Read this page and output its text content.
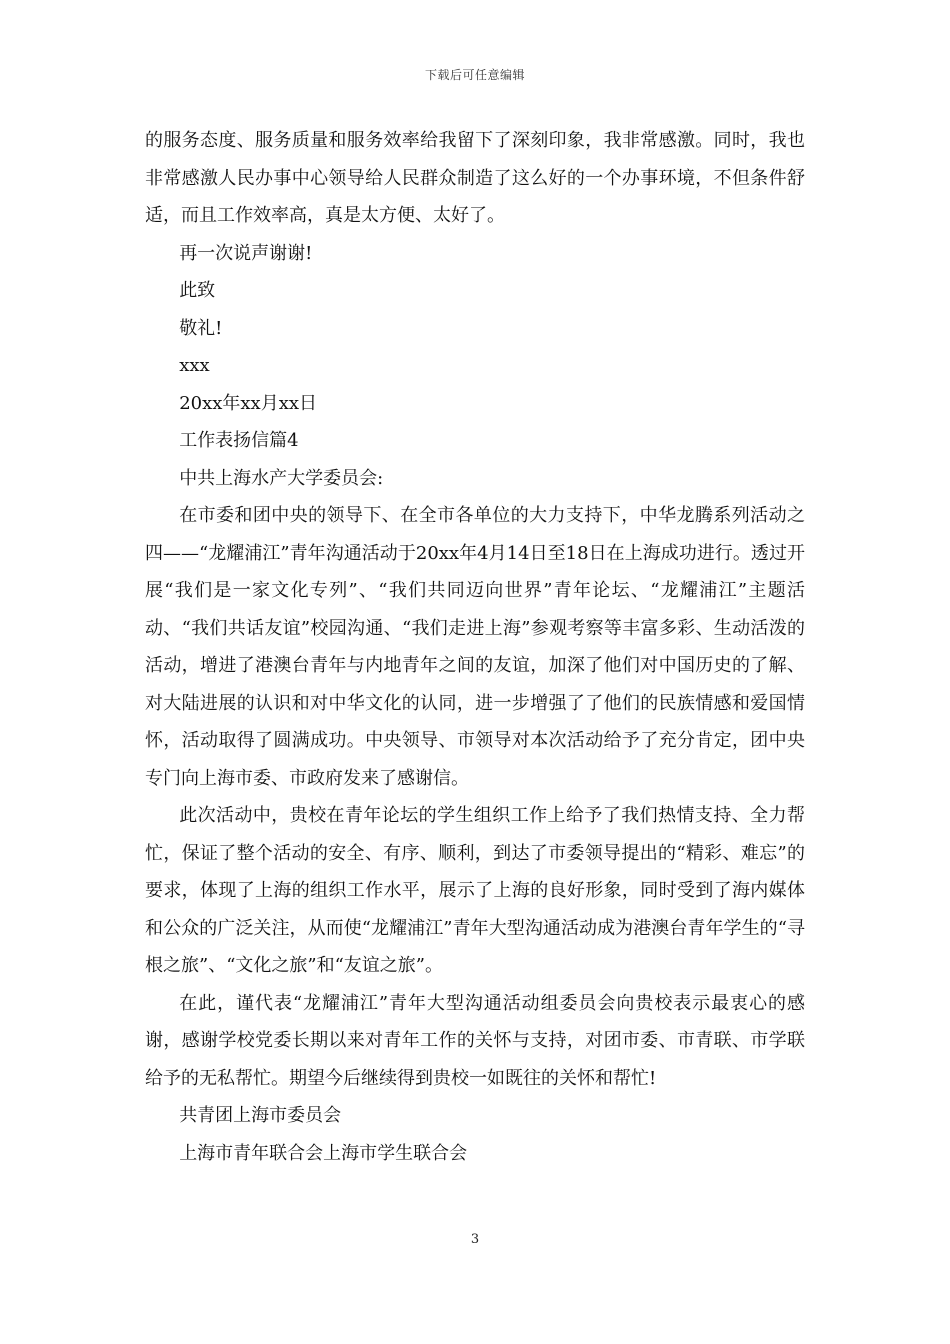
下载后可任意编辑

的服务态度、服务质量和服务效率给我留下了深刻印象，我非常感激。同时，我也非常感激人民办事中心领导给人民群众制造了这么好的一个办事环境，不但条件舒适，而且工作效率高，真是太方便、太好了。

再一次说声谢谢!

此致

敬礼!

xxx

20xx年xx月xx日

工作表扬信篇4

中共上海水产大学委员会:

在市委和团中央的领导下、在全市各单位的大力支持下，中华龙腾系列活动之四——“龙耀浦江”青年沟通活动于20xx年4月14日至18日在上海成功进行。透过开展“我们是一家文化专列”、“我们共同迈向世界”青年论坛、“龙耀浦江”主题活动、“我们共话友谊”校园沟通、“我们走进上海”参观考察等丰富多彩、生动活泼的活动，增进了港澳台青年与内地青年之间的友谊，加深了他们对中国历史的了解、对大陆进展的认识和对中华文化的认同，进一步增强了了他们的民族情感和爱国情怀，活动取得了圆满成功。中央领导、市领导对本次活动给予了充分肯定，团中央专门向上海市委、市政府发来了感谢信。

此次活动中，贵校在青年论坛的学生组织工作上给予了我们热情支持、全力帮忙，保证了整个活动的安全、有序、顺利，到达了市委领导提出的“精彩、难忘”的要求，体现了上海的组织工作水平，展示了上海的良好形象，同时受到了海内媒体和公众的广泛关注，从而使“龙耀浦江”青年大型沟通活动成为港澳台青年学生的“寻根之旅”、“文化之旅”和“友谊之旅”。

在此，谨代表“龙耀浦江”青年大型沟通活动组委员会向贵校表示最衷心的感谢，感谢学校党委长期以来对青年工作的关怀与支持，对团市委、市青联、市学联给予的无私帮忙。期望今后继续得到贵校一如既往的关怀和帮忙!

共青团上海市委员会

上海市青年联合会上海市学生联合会

3
